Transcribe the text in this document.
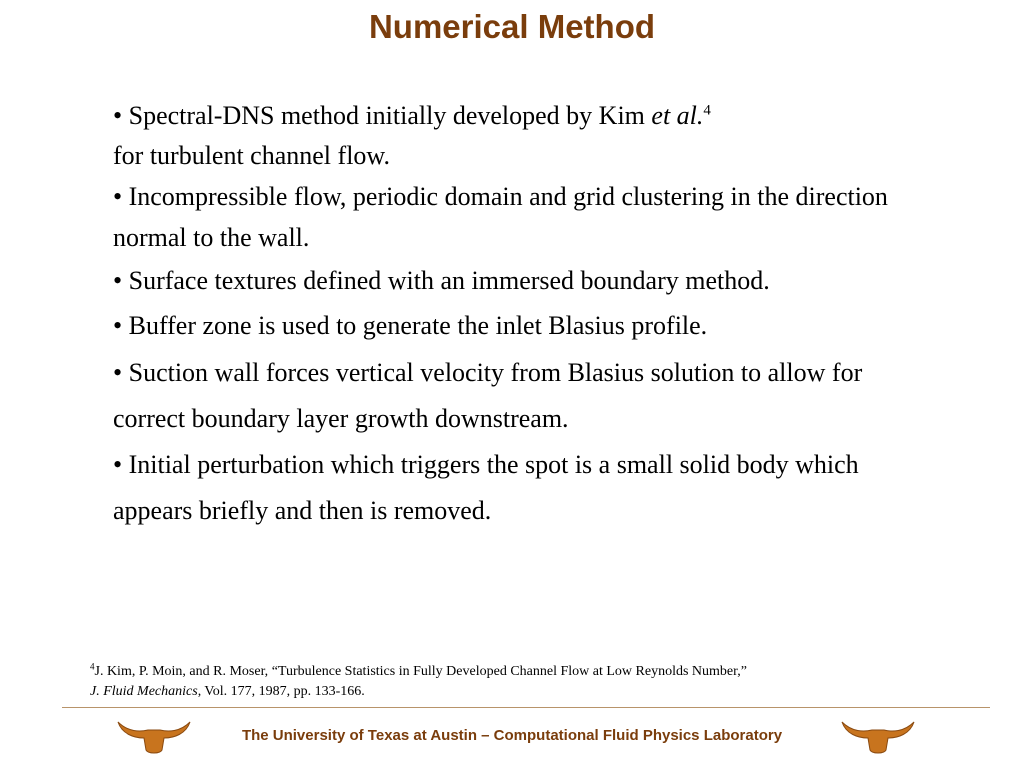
Numerical Method

• Spectral-DNS method initially developed by Kim et al.$^4$
for turbulent channel flow.

• Incompressible flow, periodic domain and grid clustering in the direction normal to the wall.

• Surface textures defined with an immersed boundary method.

• Buffer zone is used to generate the inlet Blasius profile.

• Suction wall forces vertical velocity from Blasius solution to allow for correct boundary layer growth downstream.

• Initial perturbation which triggers the spot is a small solid body which appears briefly and then is removed.

$^4$J. Kim, P. Moin, and R. Moser, “Turbulence Statistics in Fully Developed Channel Flow at Low Reynolds Number,”
J. Fluid Mechanics, Vol. 177, 1987, pp. 133-166.
The University of Texas at Austin – Computational Fluid Physics Laboratory
